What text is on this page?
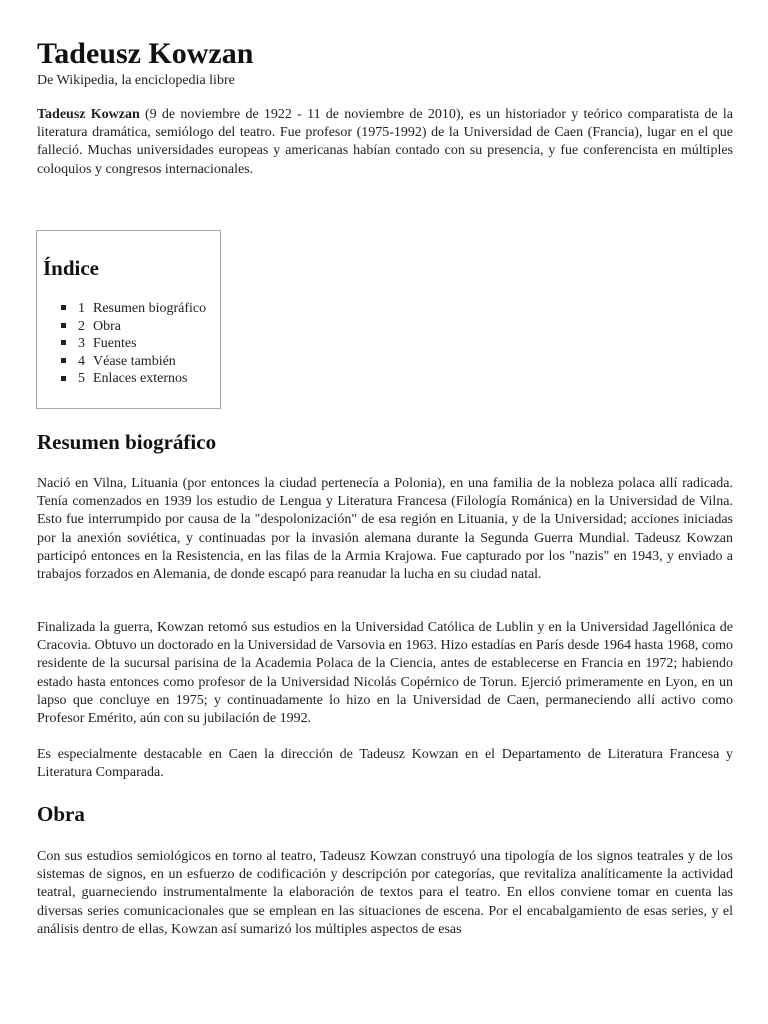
Tadeusz Kowzan

De Wikipedia, la enciclopedia libre

Tadeusz Kowzan (9 de noviembre de 1922 - 11 de noviembre de 2010), es un historiador y teórico comparatista de la literatura dramática, semiólogo del teatro. Fue profesor (1975-1992) de la Universidad de Caen (Francia), lugar en el que falleció. Muchas universidades europeas y americanas habían contado con su presencia, y fue conferencista en múltiples coloquios y congresos internacionales.

Índice
1 Resumen biográfico
2 Obra
3 Fuentes
4 Véase también
5 Enlaces externos
Resumen biográfico

Nació en Vilna, Lituania (por entonces la ciudad pertenecía a Polonia), en una familia de la nobleza polaca allí radicada. Tenía comenzados en 1939 los estudio de Lengua y Literatura Francesa (Filología Románica) en la Universidad de Vilna. Esto fue interrumpido por causa de la "despolonización" de esa región en Lituania, y de la Universidad; acciones iniciadas por la anexión soviética, y continuadas por la invasión alemana durante la Segunda Guerra Mundial. Tadeusz Kowzan participó entonces en la Resistencia, en las filas de la Armia Krajowa. Fue capturado por los "nazis" en 1943, y enviado a trabajos forzados en Alemania, de donde escapó para reanudar la lucha en su ciudad natal.

Finalizada la guerra, Kowzan retomó sus estudios en la Universidad Católica de Lublin y en la Universidad Jagellónica de Cracovia. Obtuvo un doctorado en la Universidad de Varsovia en 1963. Hizo estadías en París desde 1964 hasta 1968, como residente de la sucursal parisina de la Academia Polaca de la Ciencia, antes de establecerse en Francia en 1972; habiendo estado hasta entonces como profesor de la Universidad Nicolás Copérnico de Torun. Ejerció primeramente en Lyon, en un lapso que concluye en 1975; y continuadamente lo hizo en la Universidad de Caen, permaneciendo allí activo como Profesor Emérito, aún con su jubilación de 1992.

Es especialmente destacable en Caen la dirección de Tadeusz Kowzan en el Departamento de Literatura Francesa y Literatura Comparada.

Obra

Con sus estudios semiológicos en torno al teatro, Tadeusz Kowzan construyó una tipología de los signos teatrales y de los sistemas de signos, en un esfuerzo de codificación y descripción por categorías, que revitaliza analíticamente la actividad teatral, guarneciendo instrumentalmente la elaboración de textos para el teatro. En ellos conviene tomar en cuenta las diversas series comunicacionales que se emplean en las situaciones de escena. Por el encabalgamiento de esas series, y el análisis dentro de ellas, Kowzan así sumarizó los múltiples aspectos de esas
